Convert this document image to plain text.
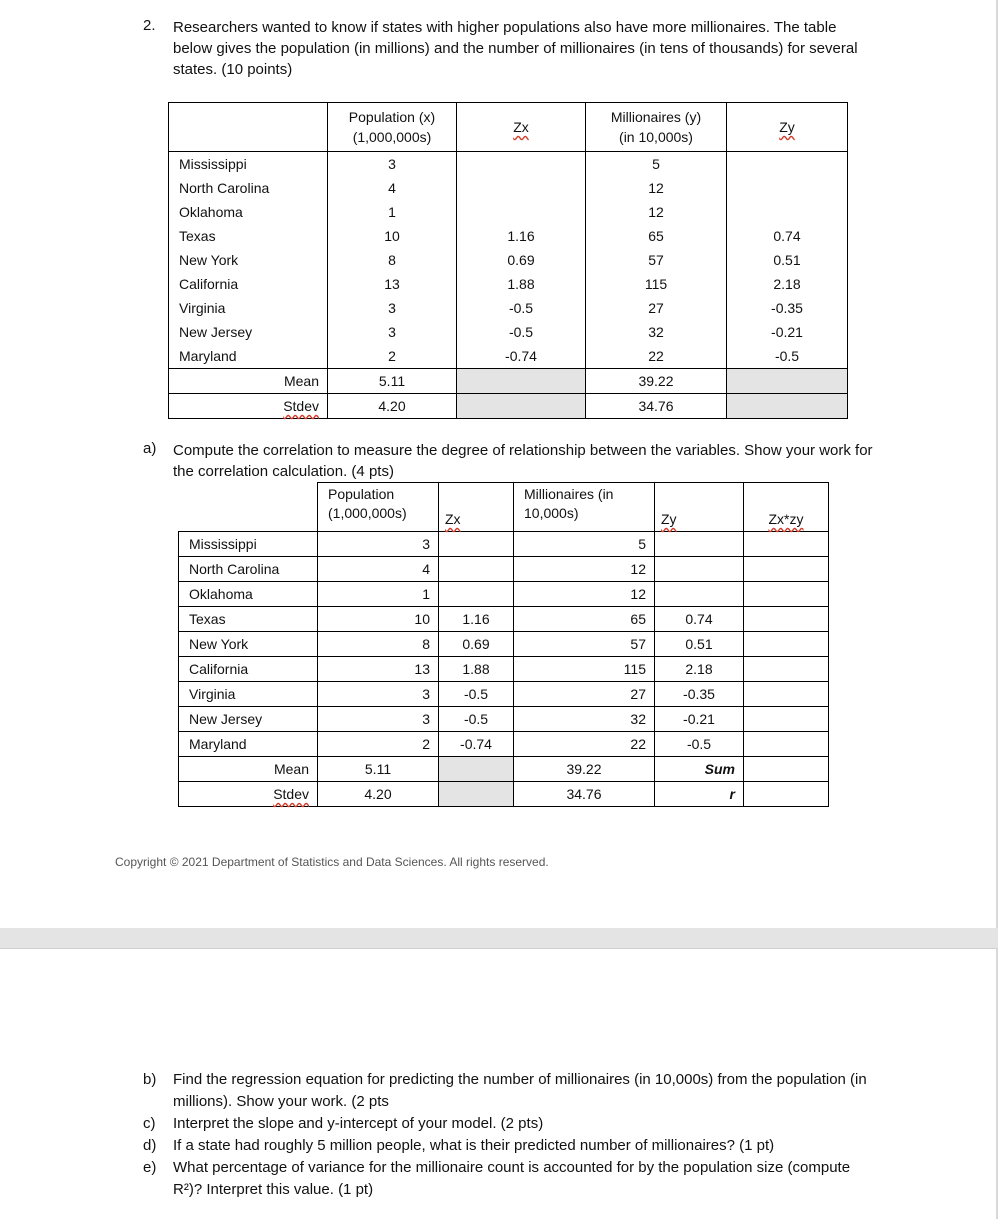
2. Researchers wanted to know if states with higher populations also have more millionaires. The table below gives the population (in millions) and the number of millionaires (in tens of thousands) for several states. (10 points)
	Population (x)
(1,000,000s)	Zx	Millionaires (y)
(in 10,000s)	Zy
Mississippi	3		5	
North Carolina	4		12	
Oklahoma	1		12	
Texas	10	1.16	65	0.74
New York	8	0.69	57	0.51
California	13	1.88	115	2.18
Virginia	3	-0.5	27	-0.35
New Jersey	3	-0.5	32	-0.21
Maryland	2	-0.74	22	-0.5
Mean	5.11		39.22	
Stdev	4.20		34.76	
a) Compute the correlation to measure the degree of relationship between the variables. Show your work for the correlation calculation. (4 pts)
	Population
(1,000,000s)	Zx	Millionaires (in
10,000s)	Zy	Zx*zy
Mississippi	3		5		
North Carolina	4		12		
Oklahoma	1		12		
Texas	10	1.16	65	0.74	
New York	8	0.69	57	0.51	
California	13	1.88	115	2.18	
Virginia	3	-0.5	27	-0.35	
New Jersey	3	-0.5	32	-0.21	
Maryland	2	-0.74	22	-0.5	
Mean	5.11		39.22	Sum	
Stdev	4.20		34.76	r	
Copyright © 2021 Department of Statistics and Data Sciences. All rights reserved.
b)	Find the regression equation for predicting the number of millionaires (in 10,000s) from the population (in millions). Show your work. (2 pts
c)	Interpret the slope and y-intercept of your model. (2 pts)
d)	If a state had roughly 5 million people, what is their predicted number of millionaires? (1 pt)
e)	What percentage of variance for the millionaire count is accounted for by the population size (compute R²)? Interpret this value. (1 pt)
